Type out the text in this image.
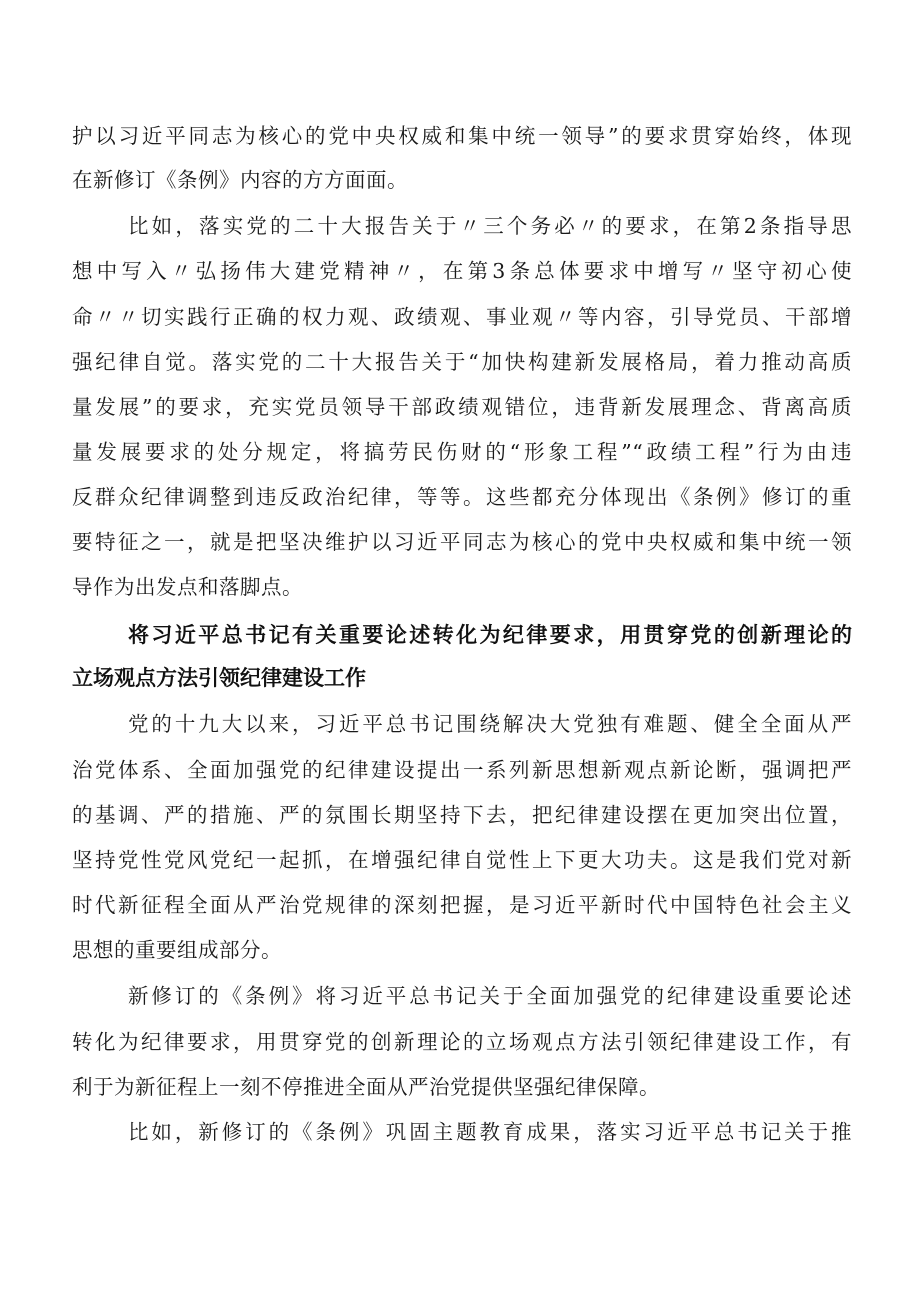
护以习近平同志为核心的党中央权威和集中统一领导”的要求贯穿始终，体现
在新修订《条例》内容的方方面面。
比如，落实党的二十大报告关于〃三个务必〃的要求，在第2条指导思
想中写入〃弘扬伟大建党精神〃，在第3条总体要求中增写〃坚守初心使
命〃〃切实践行正确的权力观、政绩观、事业观〃等内容，引导党员、干部增
强纪律自觉。落实党的二十大报告关于“加快构建新发展格局，着力推动高质
量发展”的要求，充实党员领导干部政绩观错位，违背新发展理念、背离高质
量发展要求的处分规定，将搞劳民伤财的“形象工程”“政绩工程”行为由违
反群众纪律调整到违反政治纪律，等等。这些都充分体现出《条例》修订的重
要特征之一，就是把坚决维护以习近平同志为核心的党中央权威和集中统一领
导作为出发点和落脚点。
将习近平总书记有关重要论述转化为纪律要求，用贯穿党的创新理论的
立场观点方法引领纪律建设工作
党的十九大以来，习近平总书记围绕解决大党独有难题、健全全面从严
治党体系、全面加强党的纪律建设提出一系列新思想新观点新论断，强调把严
的基调、严的措施、严的氛围长期坚持下去，把纪律建设摆在更加突出位置，
坚持党性党风党纪一起抓，在增强纪律自觉性上下更大功夫。这是我们党对新
时代新征程全面从严治党规律的深刻把握，是习近平新时代中国特色社会主义
思想的重要组成部分。
新修订的《条例》将习近平总书记关于全面加强党的纪律建设重要论述
转化为纪律要求，用贯穿党的创新理论的立场观点方法引领纪律建设工作，有
利于为新征程上一刻不停推进全面从严治党提供坚强纪律保障。
比如，新修订的《条例》巩固主题教育成果，落实习近平总书记关于推
